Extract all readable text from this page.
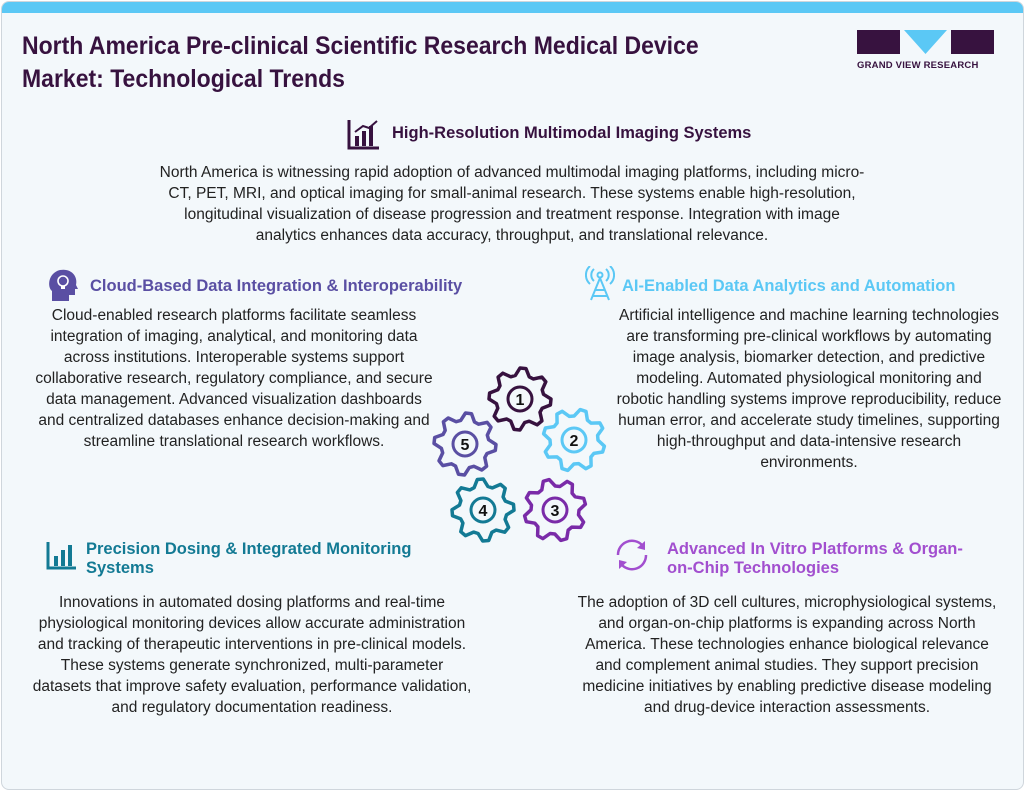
North America Pre-clinical Scientific Research Medical Device Market: Technological Trends	GRAND VIEW RESEARCH
High-Resolution Multimodal Imaging Systems
North America is witnessing rapid adoption of advanced multimodal imaging platforms, including micro-CT, PET, MRI, and optical imaging for small-animal research. These systems enable high-resolution, longitudinal visualization of disease progression and treatment response. Integration with image analytics enhances data accuracy, throughput, and translational relevance.
Cloud-Based Data Integration & Interoperability
Cloud-enabled research platforms facilitate seamless integration of imaging, analytical, and monitoring data across institutions. Interoperable systems support collaborative research, regulatory compliance, and secure data management. Advanced visualization dashboards and centralized databases enhance decision-making and streamline translational research workflows.
AI-Enabled Data Analytics and Automation
Artificial intelligence and machine learning technologies are transforming pre-clinical workflows by automating image analysis, biomarker detection, and predictive modeling. Automated physiological monitoring and robotic handling systems improve reproducibility, reduce human error, and accelerate study timelines, supporting high-throughput and data-intensive research environments.
Precision Dosing & Integrated Monitoring Systems
Innovations in automated dosing platforms and real-time physiological monitoring devices allow accurate administration and tracking of therapeutic interventions in pre-clinical models. These systems generate synchronized, multi-parameter datasets that improve safety evaluation, performance validation, and regulatory documentation readiness.
Advanced In Vitro Platforms & Organ-on-Chip Technologies
The adoption of 3D cell cultures, microphysiological systems, and organ-on-chip platforms is expanding across North America. These technologies enhance biological relevance and complement animal studies. They support precision medicine initiatives by enabling predictive disease modeling and drug-device interaction assessments.
1
2
3
4
5
